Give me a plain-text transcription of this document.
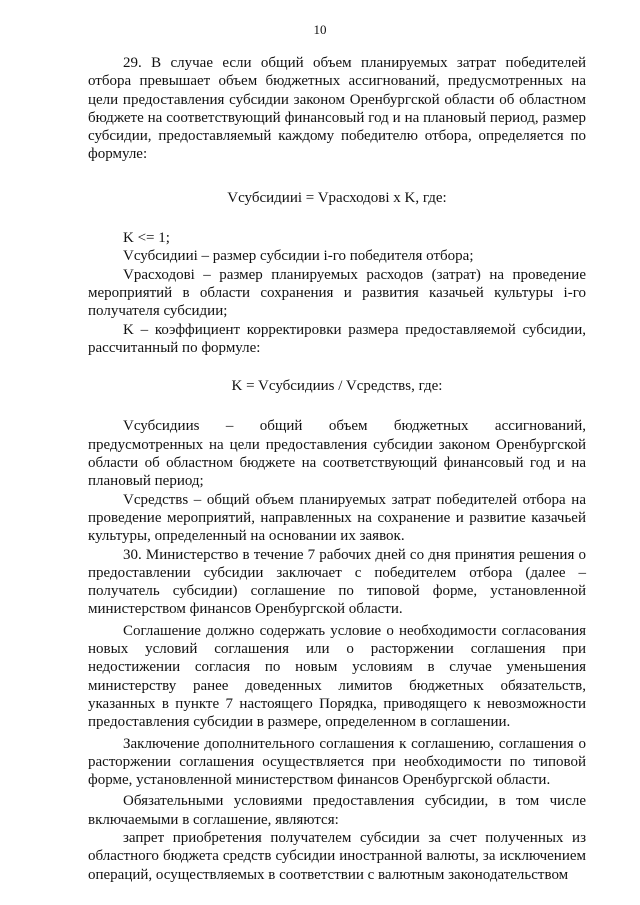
10

29. В случае если общий объем планируемых затрат победителей отбора превышает объем бюджетных ассигнований, предусмотренных на цели предоставления субсидии законом Оренбургской области об областном бюджете на соответствующий финансовый год и на плановый период, размер субсидии, предоставляемый каждому победителю отбора, определяется по формуле:

Vсубсидииi = Vрасходовi x K, где:

K <= 1;

Vсубсидииi – размер субсидии i-го победителя отбора;

Vрасходовi – размер планируемых расходов (затрат) на проведение мероприятий в области сохранения и развития казачьей культуры i-го получателя субсидии;

K – коэффициент корректировки размера предоставляемой субсидии, рассчитанный по формуле:

K = Vсубсидииs / Vсредствs, где:

Vсубсидииs – общий объем бюджетных ассигнований, предусмотренных на цели предоставления субсидии законом Оренбургской области об областном бюджете на соответствующий финансовый год и на плановый период;

Vсредствs – общий объем планируемых затрат победителей отбора на проведение мероприятий, направленных на сохранение и развитие казачьей культуры, определенный на основании их заявок.

30. Министерство в течение 7 рабочих дней со дня принятия решения о предоставлении субсидии заключает с победителем отбора (далее – получатель субсидии) соглашение по типовой форме, установленной министерством финансов Оренбургской области.

Соглашение должно содержать условие о необходимости согласования новых условий соглашения или о расторжении соглашения при недостижении согласия по новым условиям в случае уменьшения министерству ранее доведенных лимитов бюджетных обязательств, указанных в пункте 7 настоящего Порядка, приводящего к невозможности предоставления субсидии в размере, определенном в соглашении.

Заключение дополнительного соглашения к соглашению, соглашения о расторжении соглашения осуществляется при необходимости по типовой форме, установленной министерством финансов Оренбургской области.

Обязательными условиями предоставления субсидии, в том числе включаемыми в соглашение, являются:

запрет приобретения получателем субсидии за счет полученных из областного бюджета средств субсидии иностранной валюты, за исключением операций, осуществляемых в соответствии с валютным законодательством
